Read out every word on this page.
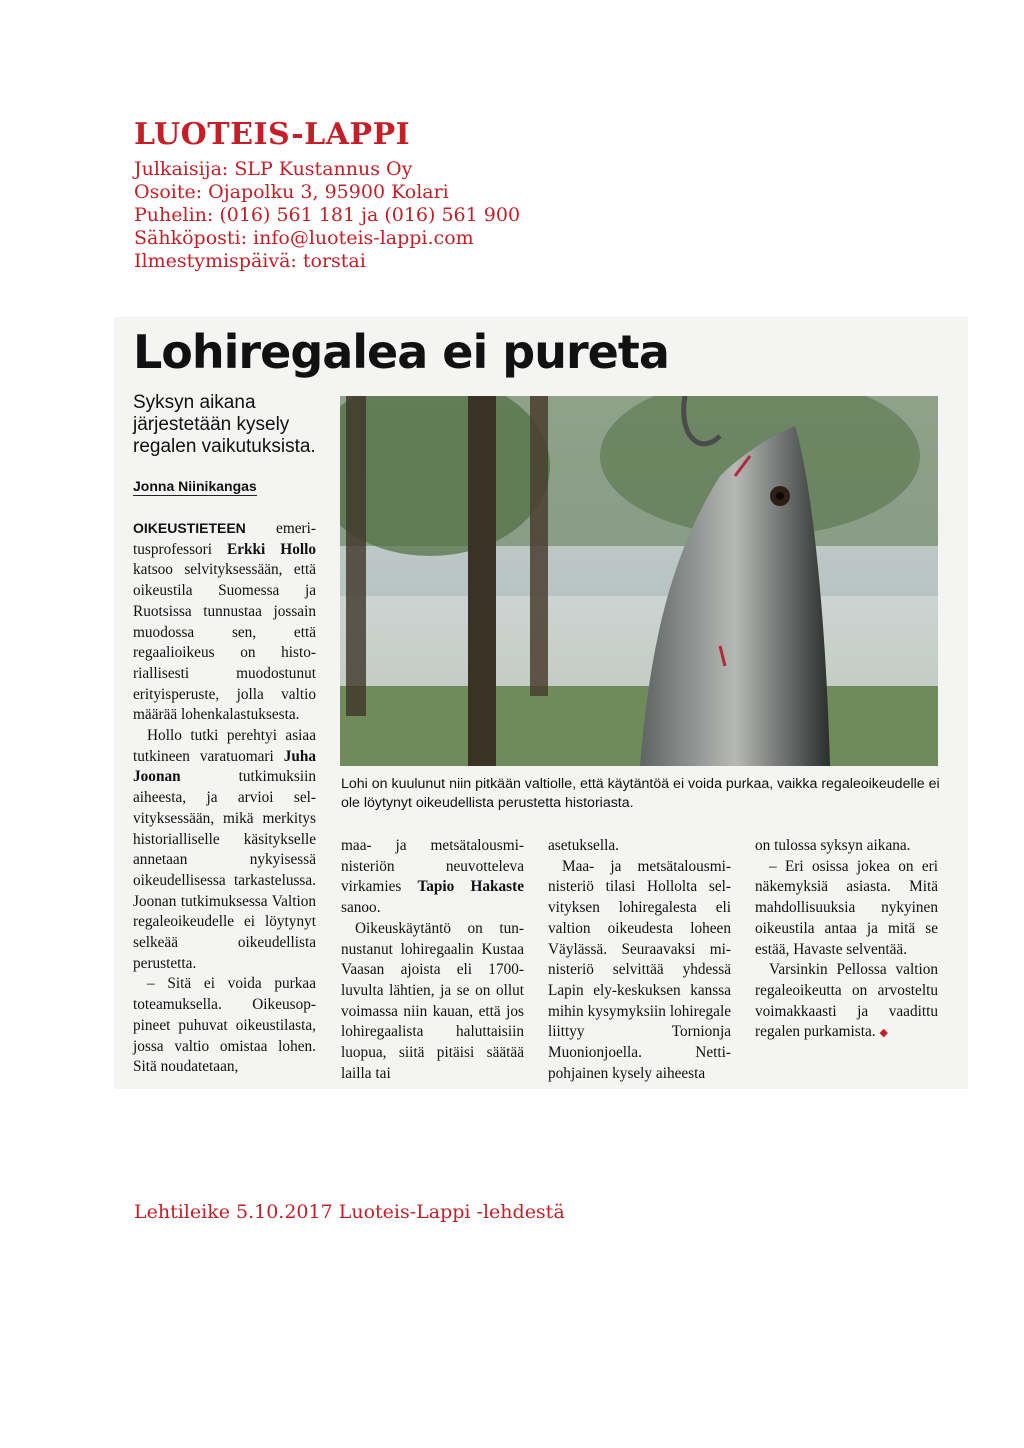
LUOTEIS-LAPPI

Julkaisija: SLP Kustannus Oy

Osoite: Ojapolku 3, 95900 Kolari

Puhelin: (016) 561 181 ja (016) 561 900

Sähköposti: info@luoteis-lappi.com

Ilmestymispäivä: torstai

Lohiregalea ei pureta
Syksyn aikana järjestetään kysely regalen vaikutuksista.
Jonna Niinikangas

OIKEUSTIETEEN emeritusprofessori Erkki Hollo katsoo selvityksessään, että oikeustila Suomessa ja Ruotsissa tunnustaa jossain muodossa sen, että regaalioikeus on historiallisesti muodostunut erityisperuste, jolla valtio määrää lohenkalastuksesta.

Hollo tutki perehtyi asiaa tutkineen varatuomari Juha Joonan tutkimuksiin aiheesta, ja arvioi selvityksessään, mikä merkitys historialliselle käsitykselle annetaan nykyisessä oikeudellisessa tarkastelussa. Joonan tutkimuksessa Valtion regaleoikeudelle ei löytynyt selkeää oikeudellista perustetta.

– Sitä ei voida purkaa toteamuksella. Oikeusoppineet puhuvat oikeustilasta, jossa valtio omistaa lohen. Sitä noudatetaan,

Lohi on kuulunut niin pitkään valtiolle, että käytäntöä ei voida purkaa, vaikka regaleoikeudelle ei ole löytynyt oikeudellista perustetta historiasta.

maa- ja metsätalousministeriön neuvotteleva virkamies Tapio Hakaste sanoo.

Oikeuskäytäntö on tunnustanut lohiregaalin Kustaa Vaasan ajoista eli 1700-luvulta lähtien, ja se on ollut voimassa niin kauan, että jos lohiregaalista haluttaisiin luopua, siitä pitäisi säätää lailla tai

asetuksella.

Maa- ja metsätalousministeriö tilasi Hollolta selvityksen lohiregalesta eli valtion oikeudesta loheen Väylässä. Seuraavaksi ministeriö selvittää yhdessä Lapin ely-keskuksen kanssa mihin kysymyksiin lohiregale liittyy Tornionja Muonionjoella. Nettipohjainen kysely aiheesta

on tulossa syksyn aikana.

– Eri osissa jokea on eri näkemyksiä asiasta. Mitä mahdollisuuksia nykyinen oikeustila antaa ja mitä se estää, Havaste selventää.

Varsinkin Pellossa valtion regaleoikeutta on arvosteltu voimakkaasti ja vaadittu regalen purkamista. ◆

Lehtileike 5.10.2017 Luoteis-Lappi -lehdestä
